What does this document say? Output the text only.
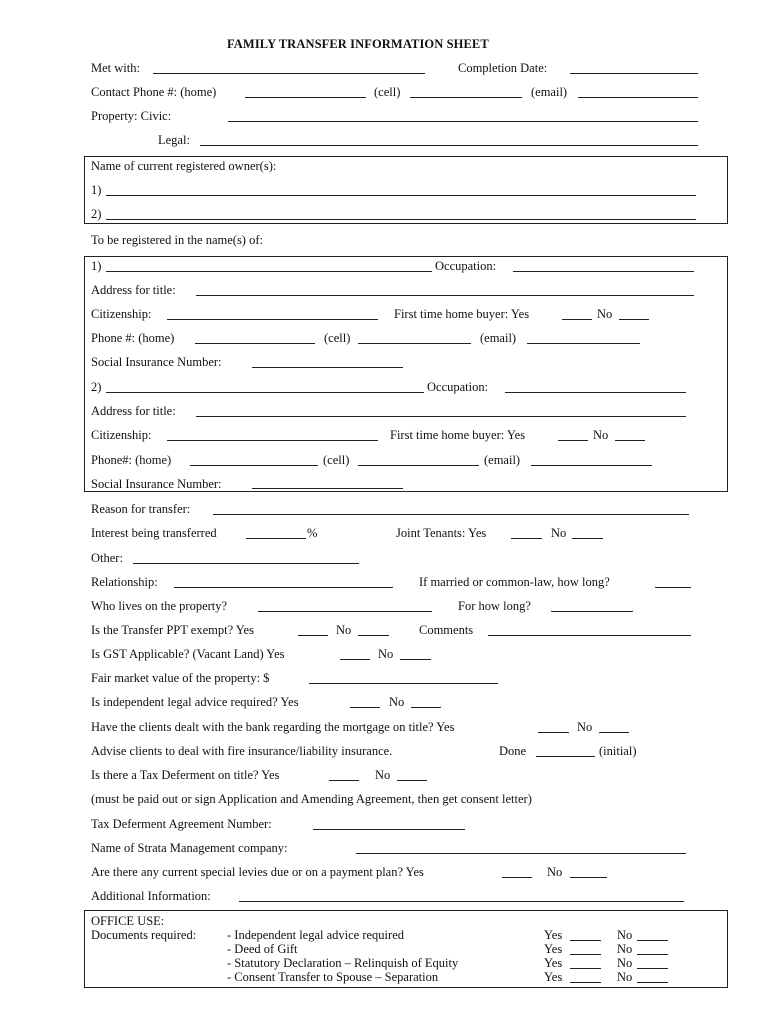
FAMILY TRANSFER INFORMATION SHEET
Met with:	Completion Date:
Contact Phone #: (home)	(cell)	(email)
Property: Civic:
Legal:
Name of current registered owner(s):
1)
2)
To be registered in the name(s) of:
1)	Occupation:
Address for title:
Citizenship:	First time home buyer: Yes	No
Phone #: (home)	(cell)	(email)
Social Insurance Number:
2)	Occupation:
Address for title:
Citizenship:	First time home buyer: Yes	No
Phone#: (home)	(cell)	(email)
Social Insurance Number:
Reason for transfer:
Interest being transferred	%	Joint Tenants: Yes	No
Other:
Relationship:	If married or common-law, how long?
Who lives on the property?	For how long?
Is the Transfer PPT exempt? Yes	No	Comments
Is GST Applicable? (Vacant Land) Yes	No
Fair market value of the property: $
Is independent legal advice required? Yes	No
Have the clients dealt with the bank regarding the mortgage on title? Yes	No
Advise clients to deal with fire insurance/liability insurance.	Done	(initial)
Is there a Tax Deferment on title? Yes	No
(must be paid out or sign Application and Amending Agreement, then get consent letter)
Tax Deferment Agreement Number:
Name of Strata Management company:
Are there any current special levies due or on a payment plan? Yes	No
Additional Information:
OFFICE USE:
Documents required: - Independent legal advice required	Yes	No
- Deed of Gift	Yes	No
- Statutory Declaration – Relinquish of Equity	Yes	No
- Consent Transfer to Spouse – Separation	Yes	No
